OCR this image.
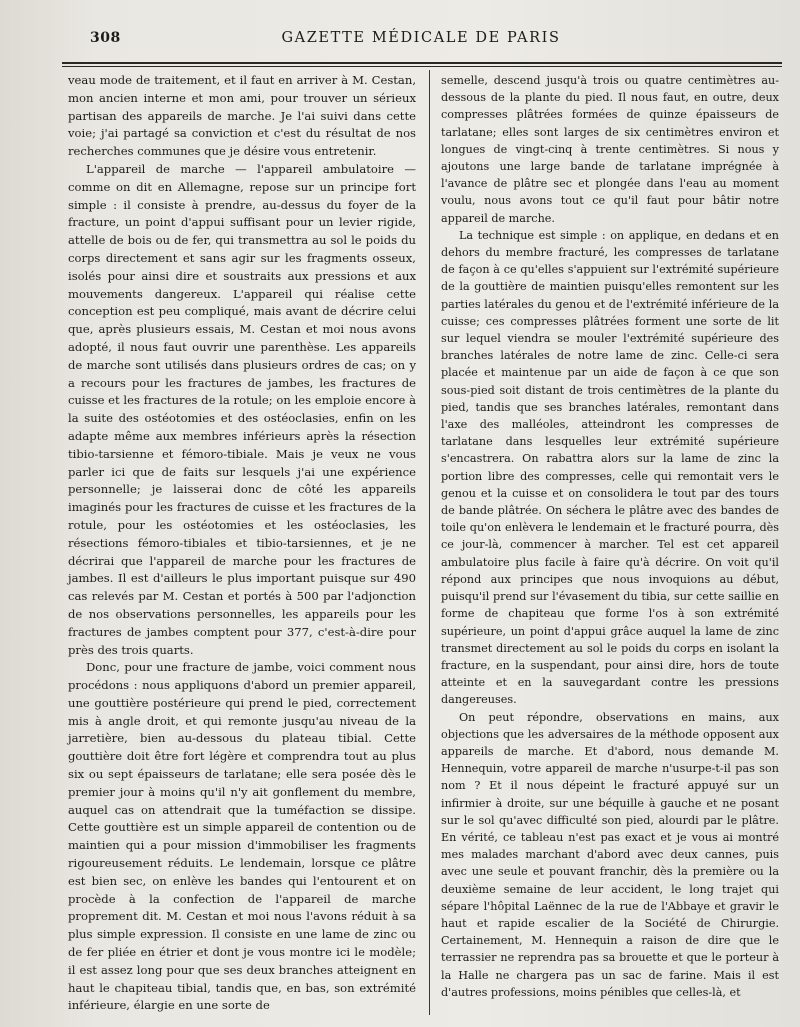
308	GAZETTE MÉDICALE DE PARIS

veau mode de traitement, et il faut en arriver à M. Cestan, mon ancien interne et mon ami, pour trouver un sérieux partisan des appareils de marche. Je l'ai suivi dans cette voie; j'ai partagé sa conviction et c'est du résultat de nos recherches communes que je désire vous entretenir.

L'appareil de marche — l'appareil ambulatoire — comme on dit en Allemagne, repose sur un principe fort simple : il consiste à prendre, au-dessus du foyer de la fracture, un point d'appui suffisant pour un levier rigide, attelle de bois ou de fer, qui transmettra au sol le poids du corps directement et sans agir sur les fragments osseux, isolés pour ainsi dire et soustraits aux pressions et aux mouvements dangereux. L'appareil qui réalise cette conception est peu compliqué, mais avant de décrire celui que, après plusieurs essais, M. Cestan et moi nous avons adopté, il nous faut ouvrir une parenthèse. Les appareils de marche sont utilisés dans plusieurs ordres de cas; on y a recours pour les fractures de jambes, les fractures de cuisse et les fractures de la rotule; on les emploie encore à la suite des ostéotomies et des ostéoclasies, enfin on les adapte même aux membres inférieurs après la résection tibio-tarsienne et fémoro-tibiale. Mais je veux ne vous parler ici que de faits sur lesquels j'ai une expérience personnelle; je laisserai donc de côté les appareils imaginés pour les fractures de cuisse et les fractures de la rotule, pour les ostéotomies et les ostéoclasies, les résections fémoro-tibiales et tibio-tarsiennes, et je ne décrirai que l'appareil de marche pour les fractures de jambes. Il est d'ailleurs le plus important puisque sur 490 cas relevés par M. Cestan et portés à 500 par l'adjonction de nos observations personnelles, les appareils pour les fractures de jambes comptent pour 377, c'est-à-dire pour près des trois quarts.

Donc, pour une fracture de jambe, voici comment nous procédons : nous appliquons d'abord un premier appareil, une gouttière postérieure qui prend le pied, correctement mis à angle droit, et qui remonte jusqu'au niveau de la jarretière, bien au-dessous du plateau tibial. Cette gouttière doit être fort légère et comprendra tout au plus six ou sept épaisseurs de tarlatane; elle sera posée dès le premier jour à moins qu'il n'y ait gonflement du membre, auquel cas on attendrait que la tuméfaction se dissipe. Cette gouttière est un simple appareil de contention ou de maintien qui a pour mission d'immobiliser les fragments rigoureusement réduits. Le lendemain, lorsque ce plâtre est bien sec, on enlève les bandes qui l'entourent et on procède à la confection de l'appareil de marche proprement dit. M. Cestan et moi nous l'avons réduit à sa plus simple expression. Il consiste en une lame de zinc ou de fer pliée en étrier et dont je vous montre ici le modèle; il est assez long pour que ses deux branches atteignent en haut le chapiteau tibial, tandis que, en bas, son extrémité inférieure, élargie en une sorte de

semelle, descend jusqu'à trois ou quatre centimètres au-dessous de la plante du pied. Il nous faut, en outre, deux compresses plâtrées formées de quinze épaisseurs de tarlatane; elles sont larges de six centimètres environ et longues de vingt-cinq à trente centimètres. Si nous y ajoutons une large bande de tarlatane imprégnée à l'avance de plâtre sec et plongée dans l'eau au moment voulu, nous avons tout ce qu'il faut pour bâtir notre appareil de marche.

La technique est simple : on applique, en dedans et en dehors du membre fracturé, les compresses de tarlatane de façon à ce qu'elles s'appuient sur l'extrémité supérieure de la gouttière de maintien puisqu'elles remontent sur les parties latérales du genou et de l'extrémité inférieure de la cuisse; ces compresses plâtrées forment une sorte de lit sur lequel viendra se mouler l'extrémité supérieure des branches latérales de notre lame de zinc. Celle-ci sera placée et maintenue par un aide de façon à ce que son sous-pied soit distant de trois centimètres de la plante du pied, tandis que ses branches latérales, remontant dans l'axe des malléoles, atteindront les compresses de tarlatane dans lesquelles leur extrémité supérieure s'encastrera. On rabattra alors sur la lame de zinc la portion libre des compresses, celle qui remontait vers le genou et la cuisse et on consolidera le tout par des tours de bande plâtrée. On séchera le plâtre avec des bandes de toile qu'on enlèvera le lendemain et le fracturé pourra, dès ce jour-là, commencer à marcher. Tel est cet appareil ambulatoire plus facile à faire qu'à décrire. On voit qu'il répond aux principes que nous invoquions au début, puisqu'il prend sur l'évasement du tibia, sur cette saillie en forme de chapiteau que forme l'os à son extrémité supérieure, un point d'appui grâce auquel la lame de zinc transmet directement au sol le poids du corps en isolant la fracture, en la suspendant, pour ainsi dire, hors de toute atteinte et en la sauvegardant contre les pressions dangereuses.

On peut répondre, observations en mains, aux objections que les adversaires de la méthode opposent aux appareils de marche. Et d'abord, nous demande M. Hennequin, votre appareil de marche n'usurpe-t-il pas son nom ? Et il nous dépeint le fracturé appuyé sur un infirmier à droite, sur une béquille à gauche et ne posant sur le sol qu'avec difficulté son pied, alourdi par le plâtre. En vérité, ce tableau n'est pas exact et je vous ai montré mes malades marchant d'abord avec deux cannes, puis avec une seule et pouvant franchir, dès la première ou la deuxième semaine de leur accident, le long trajet qui sépare l'hôpital Laënnec de la rue de l'Abbaye et gravir le haut et rapide escalier de la Société de Chirurgie. Certainement, M. Hennequin a raison de dire que le terrassier ne reprendra pas sa brouette et que le porteur à la Halle ne chargera pas un sac de farine. Mais il est d'autres professions, moins pénibles que celles-là, et
